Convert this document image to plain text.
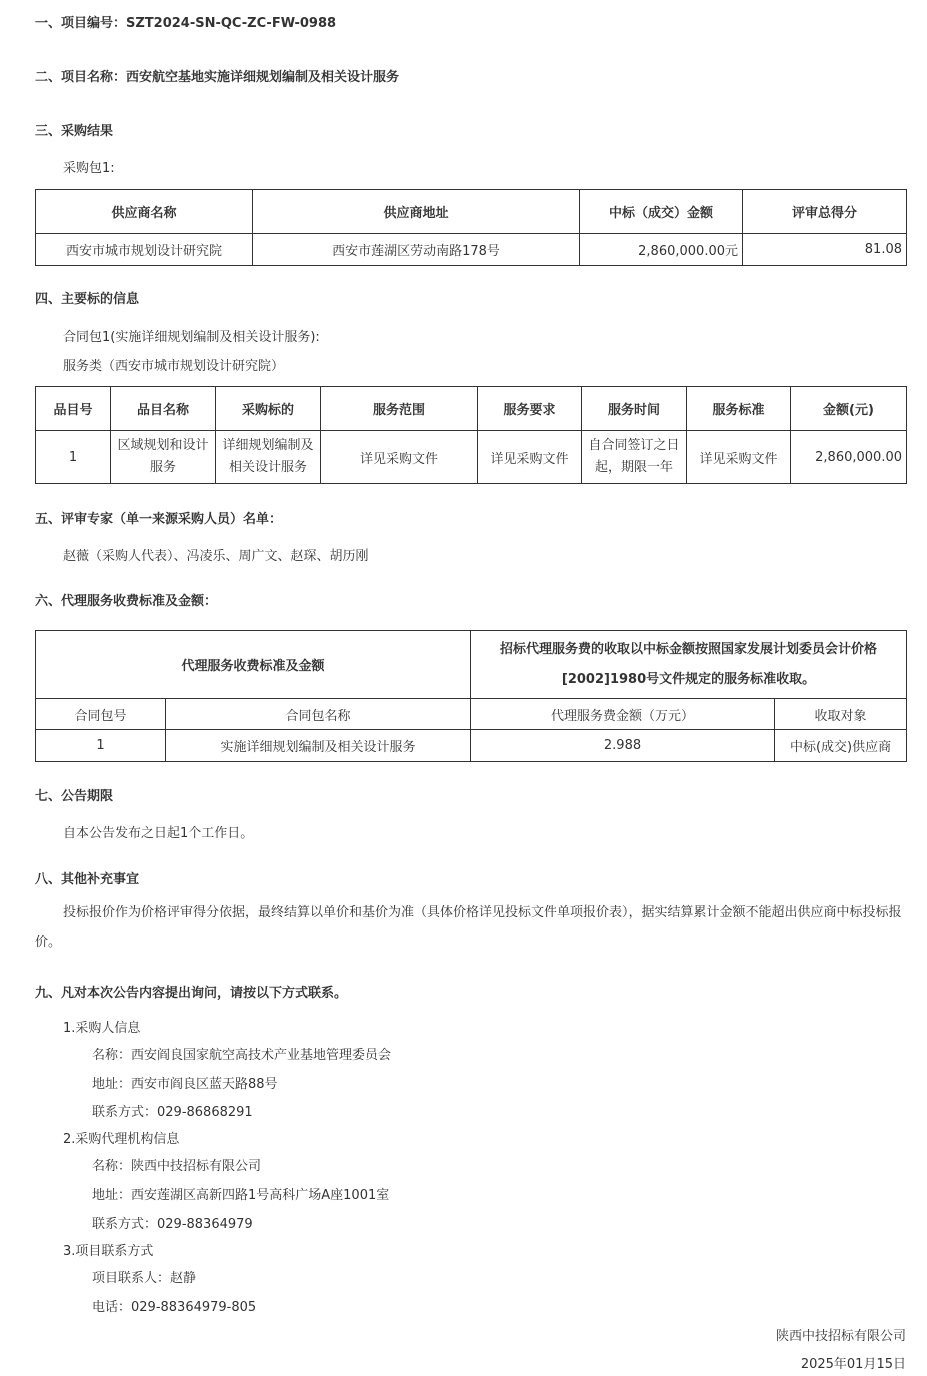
一、项目编号：SZT2024-SN-QC-ZC-FW-0988
二、项目名称：西安航空基地实施详细规划编制及相关设计服务
三、采购结果
采购包1:
供应商名称	供应商地址	中标（成交）金额	评审总得分
西安市城市规划设计研究院	西安市莲湖区劳动南路178号	2,860,000.00元	81.08
四、主要标的信息
合同包1(实施详细规划编制及相关设计服务):
服务类（西安市城市规划设计研究院）
品目号	品目名称	采购标的	服务范围	服务要求	服务时间	服务标准	金额(元)
1	区域规划和设计服务	详细规划编制及相关设计服务	详见采购文件	详见采购文件	自合同签订之日起，期限一年	详见采购文件	2,860,000.00
五、评审专家（单一来源采购人员）名单：
赵薇（采购人代表）、冯凌乐、周广文、赵琛、胡历刚
六、代理服务收费标准及金额：
代理服务收费标准及金额		招标代理服务费的收取以中标金额按照国家发展计划委员会计价格[2002]1980号文件规定的服务标准收取。	
合同包号	合同包名称	代理服务费金额（万元）	收取对象
1	实施详细规划编制及相关设计服务	2.988	中标(成交)供应商
七、公告期限
自本公告发布之日起1个工作日。
八、其他补充事宜
投标报价作为价格评审得分依据，最终结算以单价和基价为准（具体价格详见投标文件单项报价表），据实结算累计金额不能超出供应商中标投标报价。
九、凡对本次公告内容提出询问，请按以下方式联系。
1.采购人信息
名称：西安阎良国家航空高技术产业基地管理委员会
地址：西安市阎良区蓝天路88号
联系方式：029-86868291
2.采购代理机构信息
名称：陕西中技招标有限公司
地址：西安莲湖区高新四路1号高科广场A座1001室
联系方式：029-88364979
3.项目联系方式
项目联系人：赵静
电话：029-88364979-805
陕西中技招标有限公司
2025年01月15日
